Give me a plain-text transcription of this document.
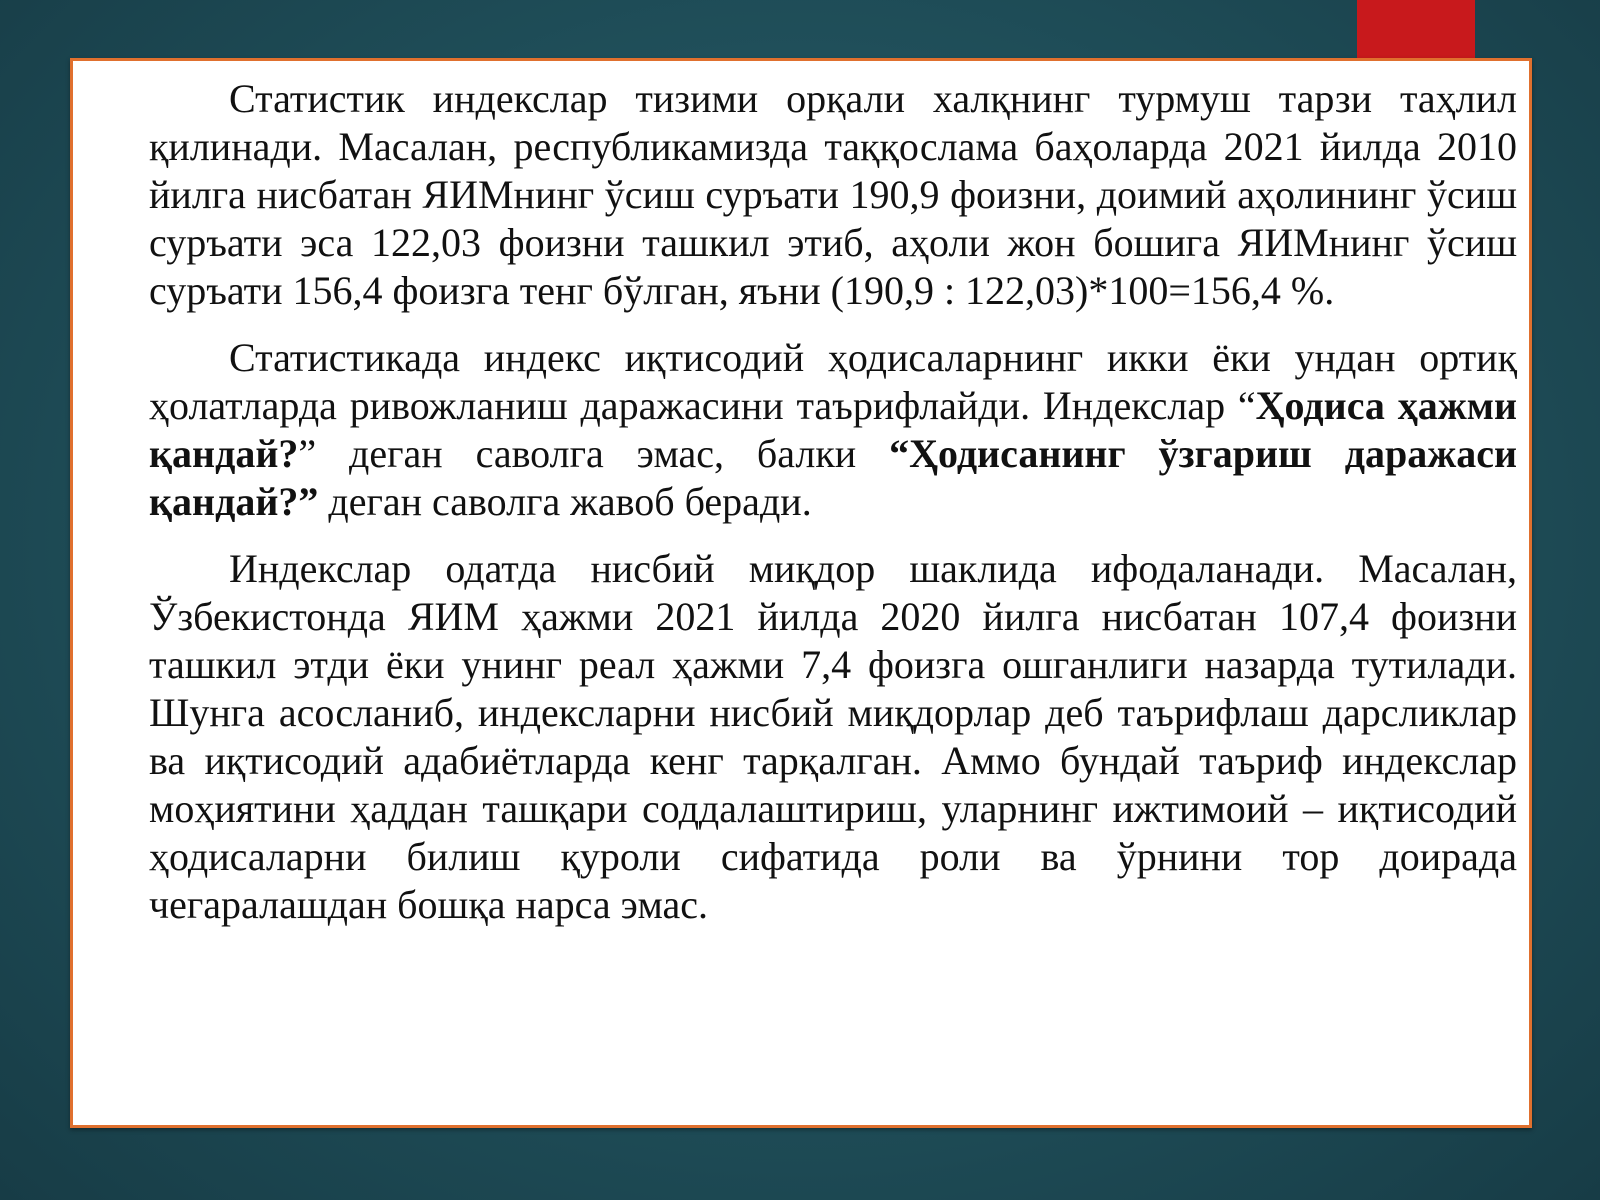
Статистик индекслар тизими орқали халқнинг турмуш тарзи таҳлил қилинади. Масалан, республикамизда таққослама баҳоларда 2021 йилда 2010 йилга нисбатан ЯИМнинг ўсиш суръати 190,9 фоизни, доимий аҳолининг ўсиш суръати эса 122,03 фоизни ташкил этиб, аҳоли жон бошига ЯИМнинг ўсиш суръати 156,4 фоизга тенг бўлган, яъни (190,9 : 122,03)*100=156,4 %.

Статистикада индекс иқтисодий ҳодисаларнинг икки ёки ундан ортиқ ҳолатларда ривожланиш даражасини таърифлайди. Индекслар “Ҳодиса ҳажми қандай?” деган саволга эмас, балки “Ҳодисанинг ўзгариш даражаси қандай?” деган саволга жавоб беради.

Индекслар одатда нисбий миқдор шаклида ифодаланади. Масалан, Ўзбекистонда ЯИМ ҳажми 2021 йилда 2020 йилга нисбатан 107,4 фоизни ташкил этди ёки унинг реал ҳажми 7,4 фоизга ошганлиги назарда тутилади. Шунга асосланиб, индексларни нисбий миқдорлар деб таърифлаш дарсликлар ва иқтисодий адабиётларда кенг тарқалган. Аммо бундай таъриф индекслар моҳиятини ҳаддан ташқари соддалаштириш, уларнинг ижтимоий – иқтисодий ҳодисаларни билиш қуроли сифатида роли ва ўрнини тор доирада чегаралашдан бошқа нарса эмас.
